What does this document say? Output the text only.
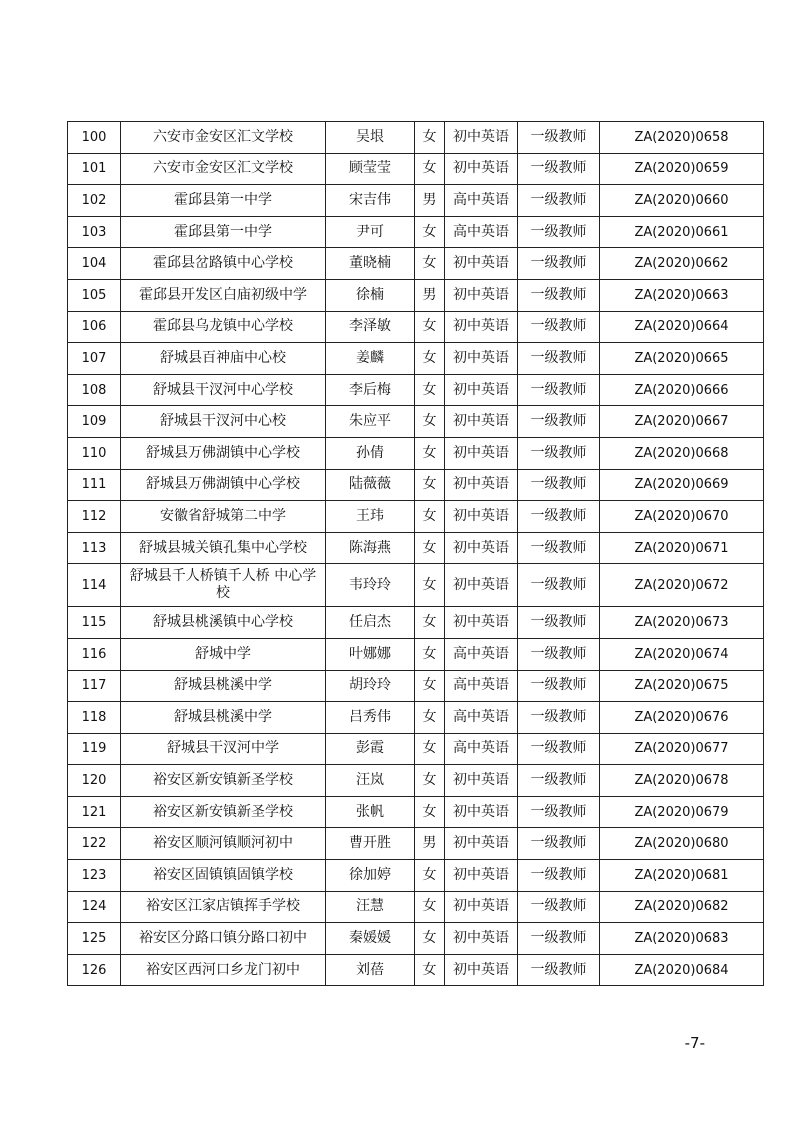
100	六安市金安区汇文学校	吴垠	女	初中英语	一级教师	ZA(2020)0658
101	六安市金安区汇文学校	顾莹莹	女	初中英语	一级教师	ZA(2020)0659
102	霍邱县第一中学	宋吉伟	男	高中英语	一级教师	ZA(2020)0660
103	霍邱县第一中学	尹可	女	高中英语	一级教师	ZA(2020)0661
104	霍邱县岔路镇中心学校	董晓楠	女	初中英语	一级教师	ZA(2020)0662
105	霍邱县开发区白庙初级中学	徐楠	男	初中英语	一级教师	ZA(2020)0663
106	霍邱县乌龙镇中心学校	李泽敏	女	初中英语	一级教师	ZA(2020)0664
107	舒城县百神庙中心校	姜麟	女	初中英语	一级教师	ZA(2020)0665
108	舒城县干汊河中心学校	李后梅	女	初中英语	一级教师	ZA(2020)0666
109	舒城县干汊河中心校	朱应平	女	初中英语	一级教师	ZA(2020)0667
110	舒城县万佛湖镇中心学校	孙倩	女	初中英语	一级教师	ZA(2020)0668
111	舒城县万佛湖镇中心学校	陆薇薇	女	初中英语	一级教师	ZA(2020)0669
112	安徽省舒城第二中学	王玮	女	初中英语	一级教师	ZA(2020)0670
113	舒城县城关镇孔集中心学校	陈海燕	女	初中英语	一级教师	ZA(2020)0671
114	舒城县千人桥镇千人桥 中心学校	韦玲玲	女	初中英语	一级教师	ZA(2020)0672
115	舒城县桃溪镇中心学校	任启杰	女	初中英语	一级教师	ZA(2020)0673
116	舒城中学	叶娜娜	女	高中英语	一级教师	ZA(2020)0674
117	舒城县桃溪中学	胡玲玲	女	高中英语	一级教师	ZA(2020)0675
118	舒城县桃溪中学	吕秀伟	女	高中英语	一级教师	ZA(2020)0676
119	舒城县干汊河中学	彭霞	女	高中英语	一级教师	ZA(2020)0677
120	裕安区新安镇新圣学校	汪岚	女	初中英语	一级教师	ZA(2020)0678
121	裕安区新安镇新圣学校	张帆	女	初中英语	一级教师	ZA(2020)0679
122	裕安区顺河镇顺河初中	曹开胜	男	初中英语	一级教师	ZA(2020)0680
123	裕安区固镇镇固镇学校	徐加婷	女	初中英语	一级教师	ZA(2020)0681
124	裕安区江家店镇挥手学校	汪慧	女	初中英语	一级教师	ZA(2020)0682
125	裕安区分路口镇分路口初中	秦媛媛	女	初中英语	一级教师	ZA(2020)0683
126	裕安区西河口乡龙门初中	刘蓓	女	初中英语	一级教师	ZA(2020)0684
-7-
